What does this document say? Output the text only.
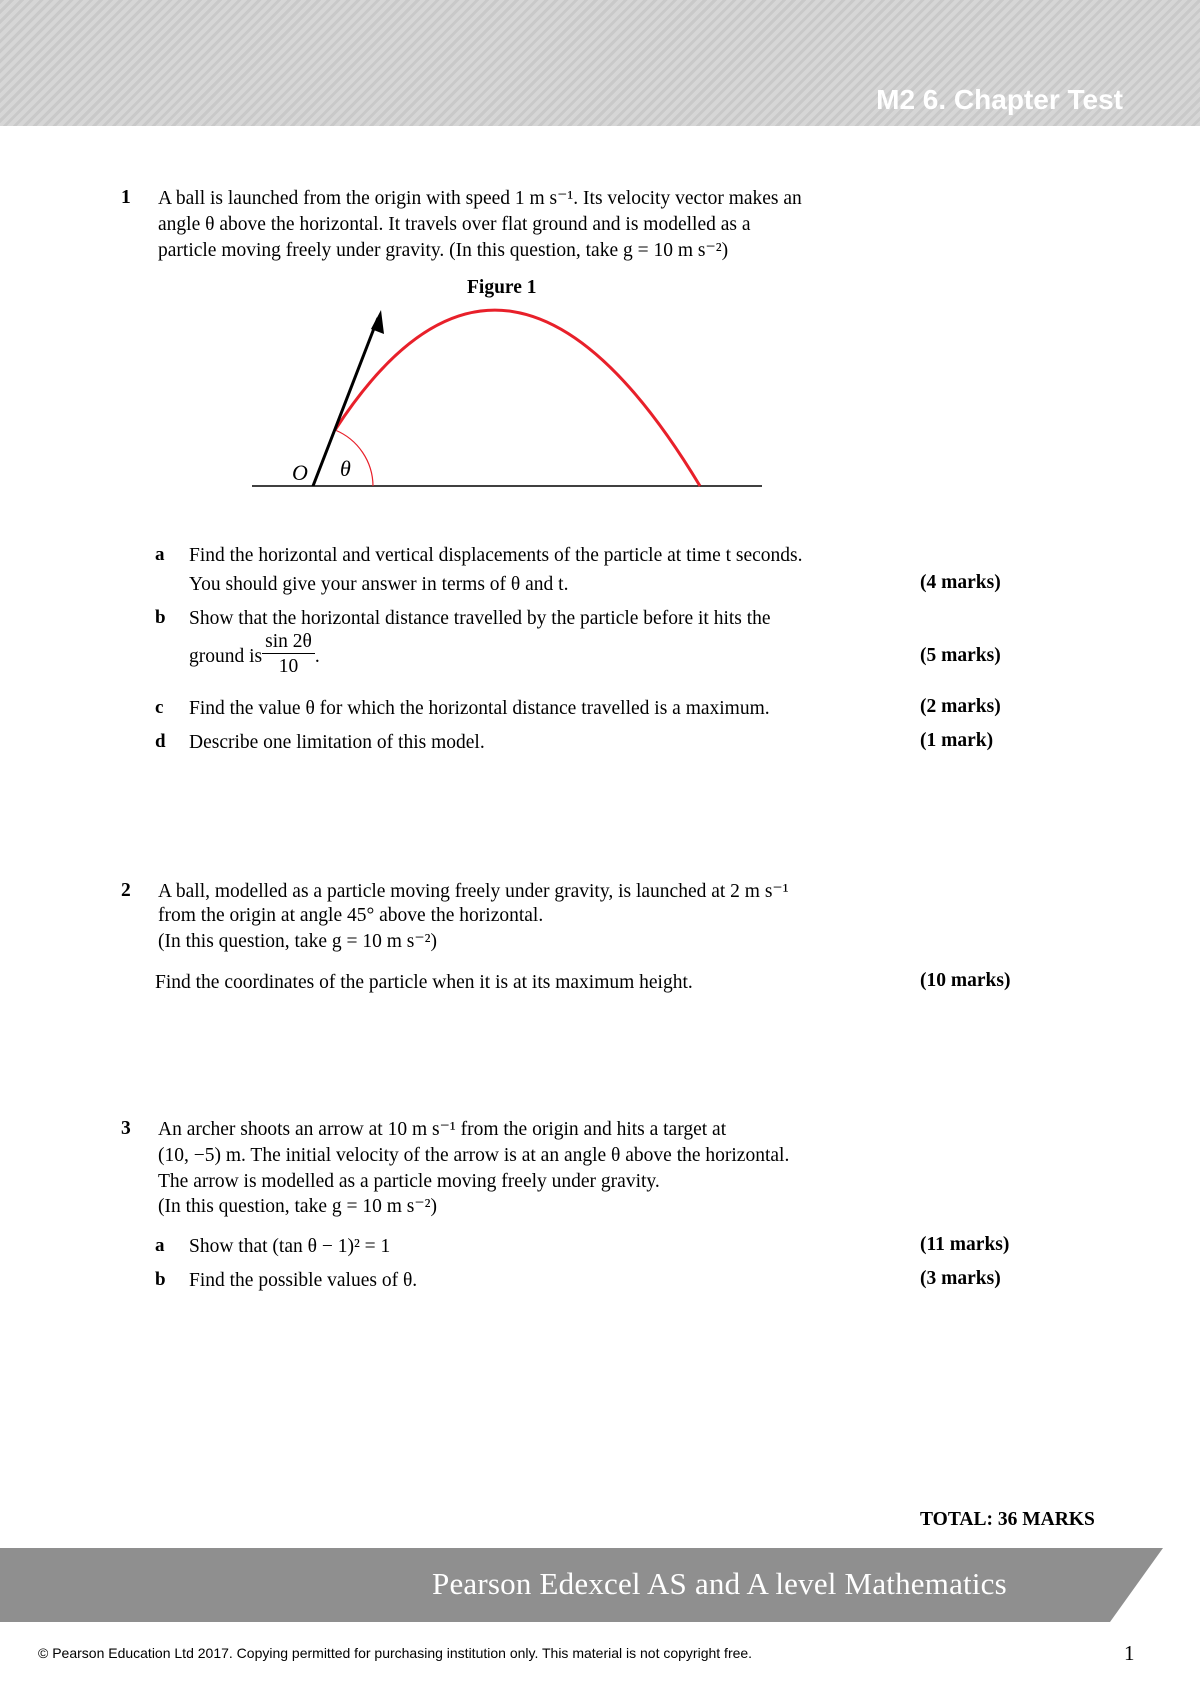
M2 6. Chapter Test
1 A ball is launched from the origin with speed 1 m s⁻¹. Its velocity vector makes an
angle θ above the horizontal. It travels over flat ground and is modelled as a
particle moving freely under gravity. (In this question, take g = 10 m s⁻²)
Figure 1
O θ
a Find the horizontal and vertical displacements of the particle at time t seconds.
You should give your answer in terms of θ and t.	(4 marks)
b Show that the horizontal distance travelled by the particle before it hits the
ground is $\frac{\sin 2\theta}{10}$ .	(5 marks)
c Find the value θ for which the horizontal distance travelled is a maximum.	(2 marks)
d Describe one limitation of this model.	(1 mark)
2 A ball, modelled as a particle moving freely under gravity, is launched at 2 m s⁻¹
from the origin at angle 45° above the horizontal.
(In this question, take g = 10 m s⁻²)
Find the coordinates of the particle when it is at its maximum height.	(10 marks)
3 An archer shoots an arrow at 10 m s⁻¹ from the origin and hits a target at
(10, −5) m. The initial velocity of the arrow is at an angle θ above the horizontal.
The arrow is modelled as a particle moving freely under gravity.
(In this question, take g = 10 m s⁻²)
a Show that (tan θ − 1)² = 1	(11 marks)
b Find the possible values of θ.	(3 marks)
TOTAL: 36 MARKS
Pearson Edexcel AS and A level Mathematics
© Pearson Education Ltd 2017. Copying permitted for purchasing institution only. This material is not copyright free.	1
